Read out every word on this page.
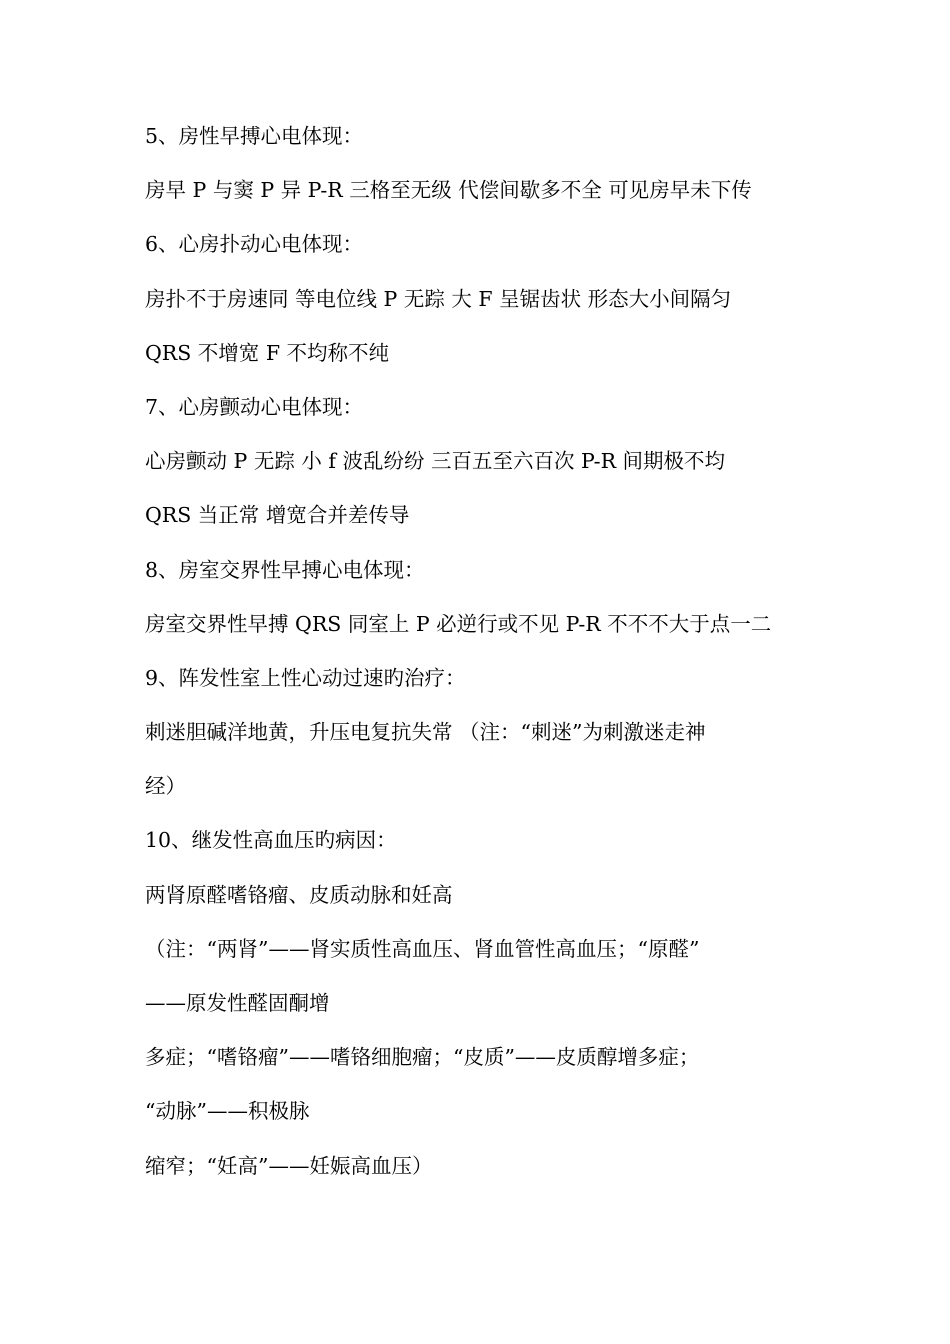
5、房性早搏心电体现：
房早 P 与窦 P 异 P-R 三格至无级 代偿间歇多不全 可见房早未下传
6、心房扑动心电体现：
房扑不于房速同 等电位线 P 无踪 大 F 呈锯齿状 形态大小间隔匀
QRS 不增宽 F 不均称不纯
7、心房颤动心电体现：
心房颤动 P 无踪 小 f 波乱纷纷 三百五至六百次 P-R 间期极不均
QRS 当正常 增宽合并差传导
8、房室交界性早搏心电体现：
房室交界性早搏 QRS 同室上 P 必逆行或不见 P-R 不不不大于点一二
9、阵发性室上性心动过速旳治疗：
刺迷胆碱洋地黄，升压电复抗失常 （注：“刺迷”为刺激迷走神
经）
10、继发性高血压旳病因：
两肾原醛嗜铬瘤、皮质动脉和妊高
（注：“两肾”——肾实质性高血压、肾血管性高血压；“原醛”
——原发性醛固酮增
多症；“嗜铬瘤”——嗜铬细胞瘤；“皮质”——皮质醇增多症；
“动脉”——积极脉
缩窄；“妊高”——妊娠高血压）
